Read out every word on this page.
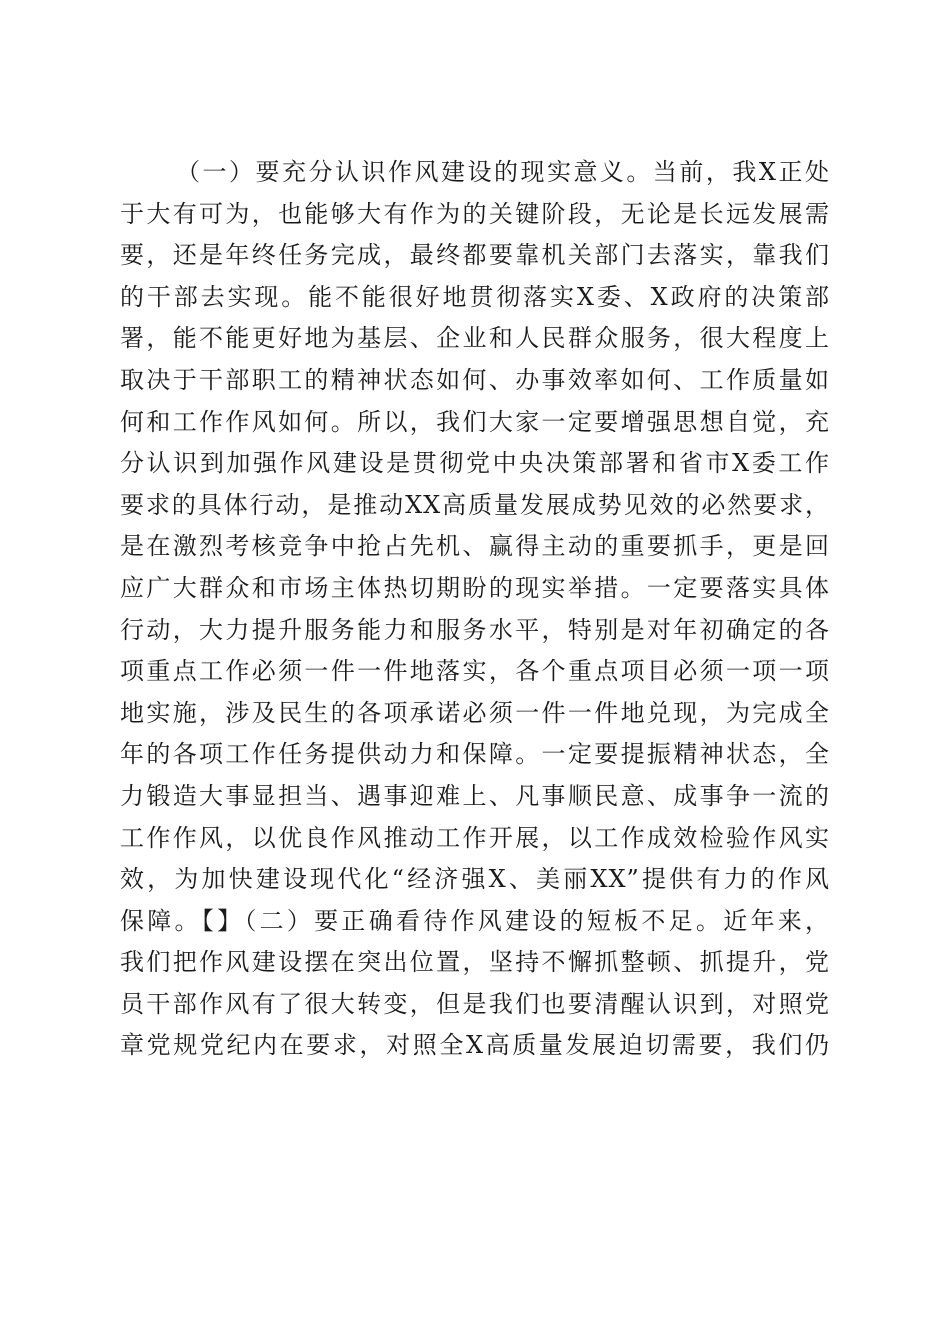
（一）要充分认识作风建设的现实意义。当前，我X正处
于大有可为，也能够大有作为的关键阶段，无论是长远发展需
要，还是年终任务完成，最终都要靠机关部门去落实，靠我们
的干部去实现。能不能很好地贯彻落实X委、X政府的决策部
署，能不能更好地为基层、企业和人民群众服务，很大程度上
取决于干部职工的精神状态如何、办事效率如何、工作质量如
何和工作作风如何。所以，我们大家一定要增强思想自觉，充
分认识到加强作风建设是贯彻党中央决策部署和省市X委工作
要求的具体行动，是推动XX高质量发展成势见效的必然要求，
是在激烈考核竞争中抢占先机、赢得主动的重要抓手，更是回
应广大群众和市场主体热切期盼的现实举措。一定要落实具体
行动，大力提升服务能力和服务水平，特别是对年初确定的各
项重点工作必须一件一件地落实，各个重点项目必须一项一项
地实施，涉及民生的各项承诺必须一件一件地兑现，为完成全
年的各项工作任务提供动力和保障。一定要提振精神状态，全
力锻造大事显担当、遇事迎难上、凡事顺民意、成事争一流的
工作作风，以优良作风推动工作开展，以工作成效检验作风实
效，为加快建设现代化“经济强X、美丽XX”提供有力的作风
保障。【】（二）要正确看待作风建设的短板不足。近年来，
我们把作风建设摆在突出位置，坚持不懈抓整顿、抓提升，党
员干部作风有了很大转变，但是我们也要清醒认识到，对照党
章党规党纪内在要求，对照全X高质量发展迫切需要，我们仍
